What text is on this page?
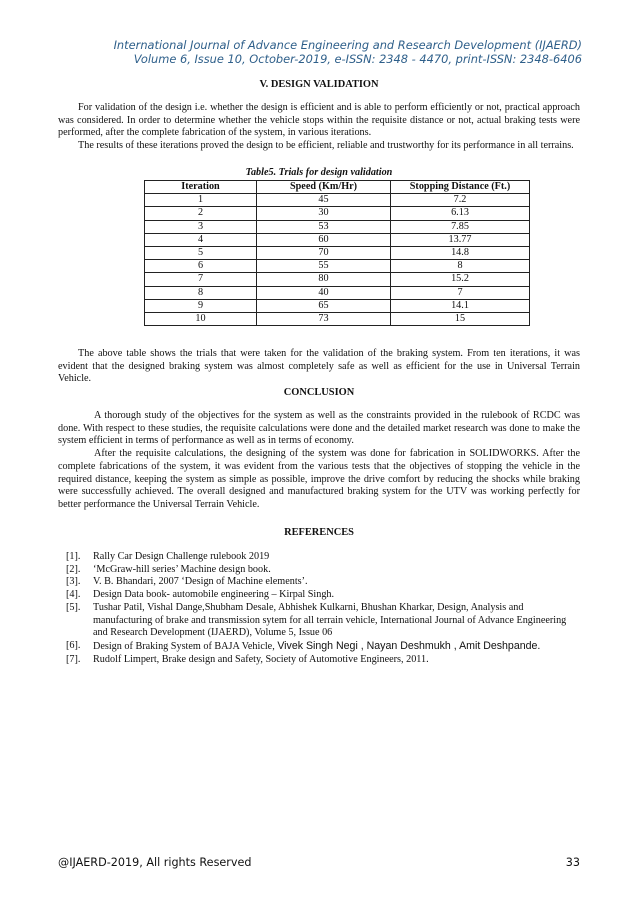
International Journal of Advance Engineering and Research Development (IJAERD)
Volume 6, Issue 10, October-2019, e-ISSN: 2348 - 4470, print-ISSN: 2348-6406
V. DESIGN VALIDATION
For validation of the design i.e. whether the design is efficient and is able to perform efficiently or not, practical approach was considered. In order to determine whether the vehicle stops within the requisite distance or not, actual braking tests were performed, after the complete fabrication of the system, in various iterations.
The results of these iterations proved the design to be efficient, reliable and trustworthy for its performance in all terrains.
Table5. Trials for design validation
Iteration	Speed (Km/Hr)	Stopping Distance (Ft.)
1	45	7.2
2	30	6.13
3	53	7.85
4	60	13.77
5	70	14.8
6	55	8
7	80	15.2
8	40	7
9	65	14.1
10	73	15
The above table shows the trials that were taken for the validation of the braking system. From ten iterations, it was evident that the designed braking system was almost completely safe as well as efficient for the use in Universal Terrain Vehicle.
CONCLUSION
A thorough study of the objectives for the system as well as the constraints provided in the rulebook of RCDC was done. With respect to these studies, the requisite calculations were done and the detailed market research was done to make the system efficient in terms of performance as well as in terms of economy.
After the requisite calculations, the designing of the system was done for fabrication in SOLIDWORKS. After the complete fabrications of the system, it was evident from the various tests that the objectives of stopping the vehicle in the required distance, keeping the system as simple as possible, improve the drive comfort by reducing the shocks while braking were successfully achieved. The overall designed and manufactured braking system for the UTV was working perfectly for better performance the Universal Terrain Vehicle.
REFERENCES
[1].	Rally Car Design Challenge rulebook 2019
[2].	‘McGraw-hill series’ Machine design book.
[3].	V. B. Bhandari, 2007 ‘Design of Machine elements’.
[4].	Design Data book- automobile engineering – Kirpal Singh.
[5].	Tushar Patil, Vishal Dange,Shubham Desale, Abhishek Kulkarni, Bhushan Kharkar, Design, Analysis and manufacturing of brake and transmission sytem for all terrain vehicle, International Journal of Advance Engineering and Research Development (IJAERD), Volume 5, Issue 06
[6].	Design of Braking System of BAJA Vehicle, Vivek Singh Negi , Nayan Deshmukh , Amit Deshpande.
[7].	Rudolf Limpert, Brake design and Safety, Society of Automotive Engineers, 2011.
@IJAERD-2019, All rights Reserved	33
